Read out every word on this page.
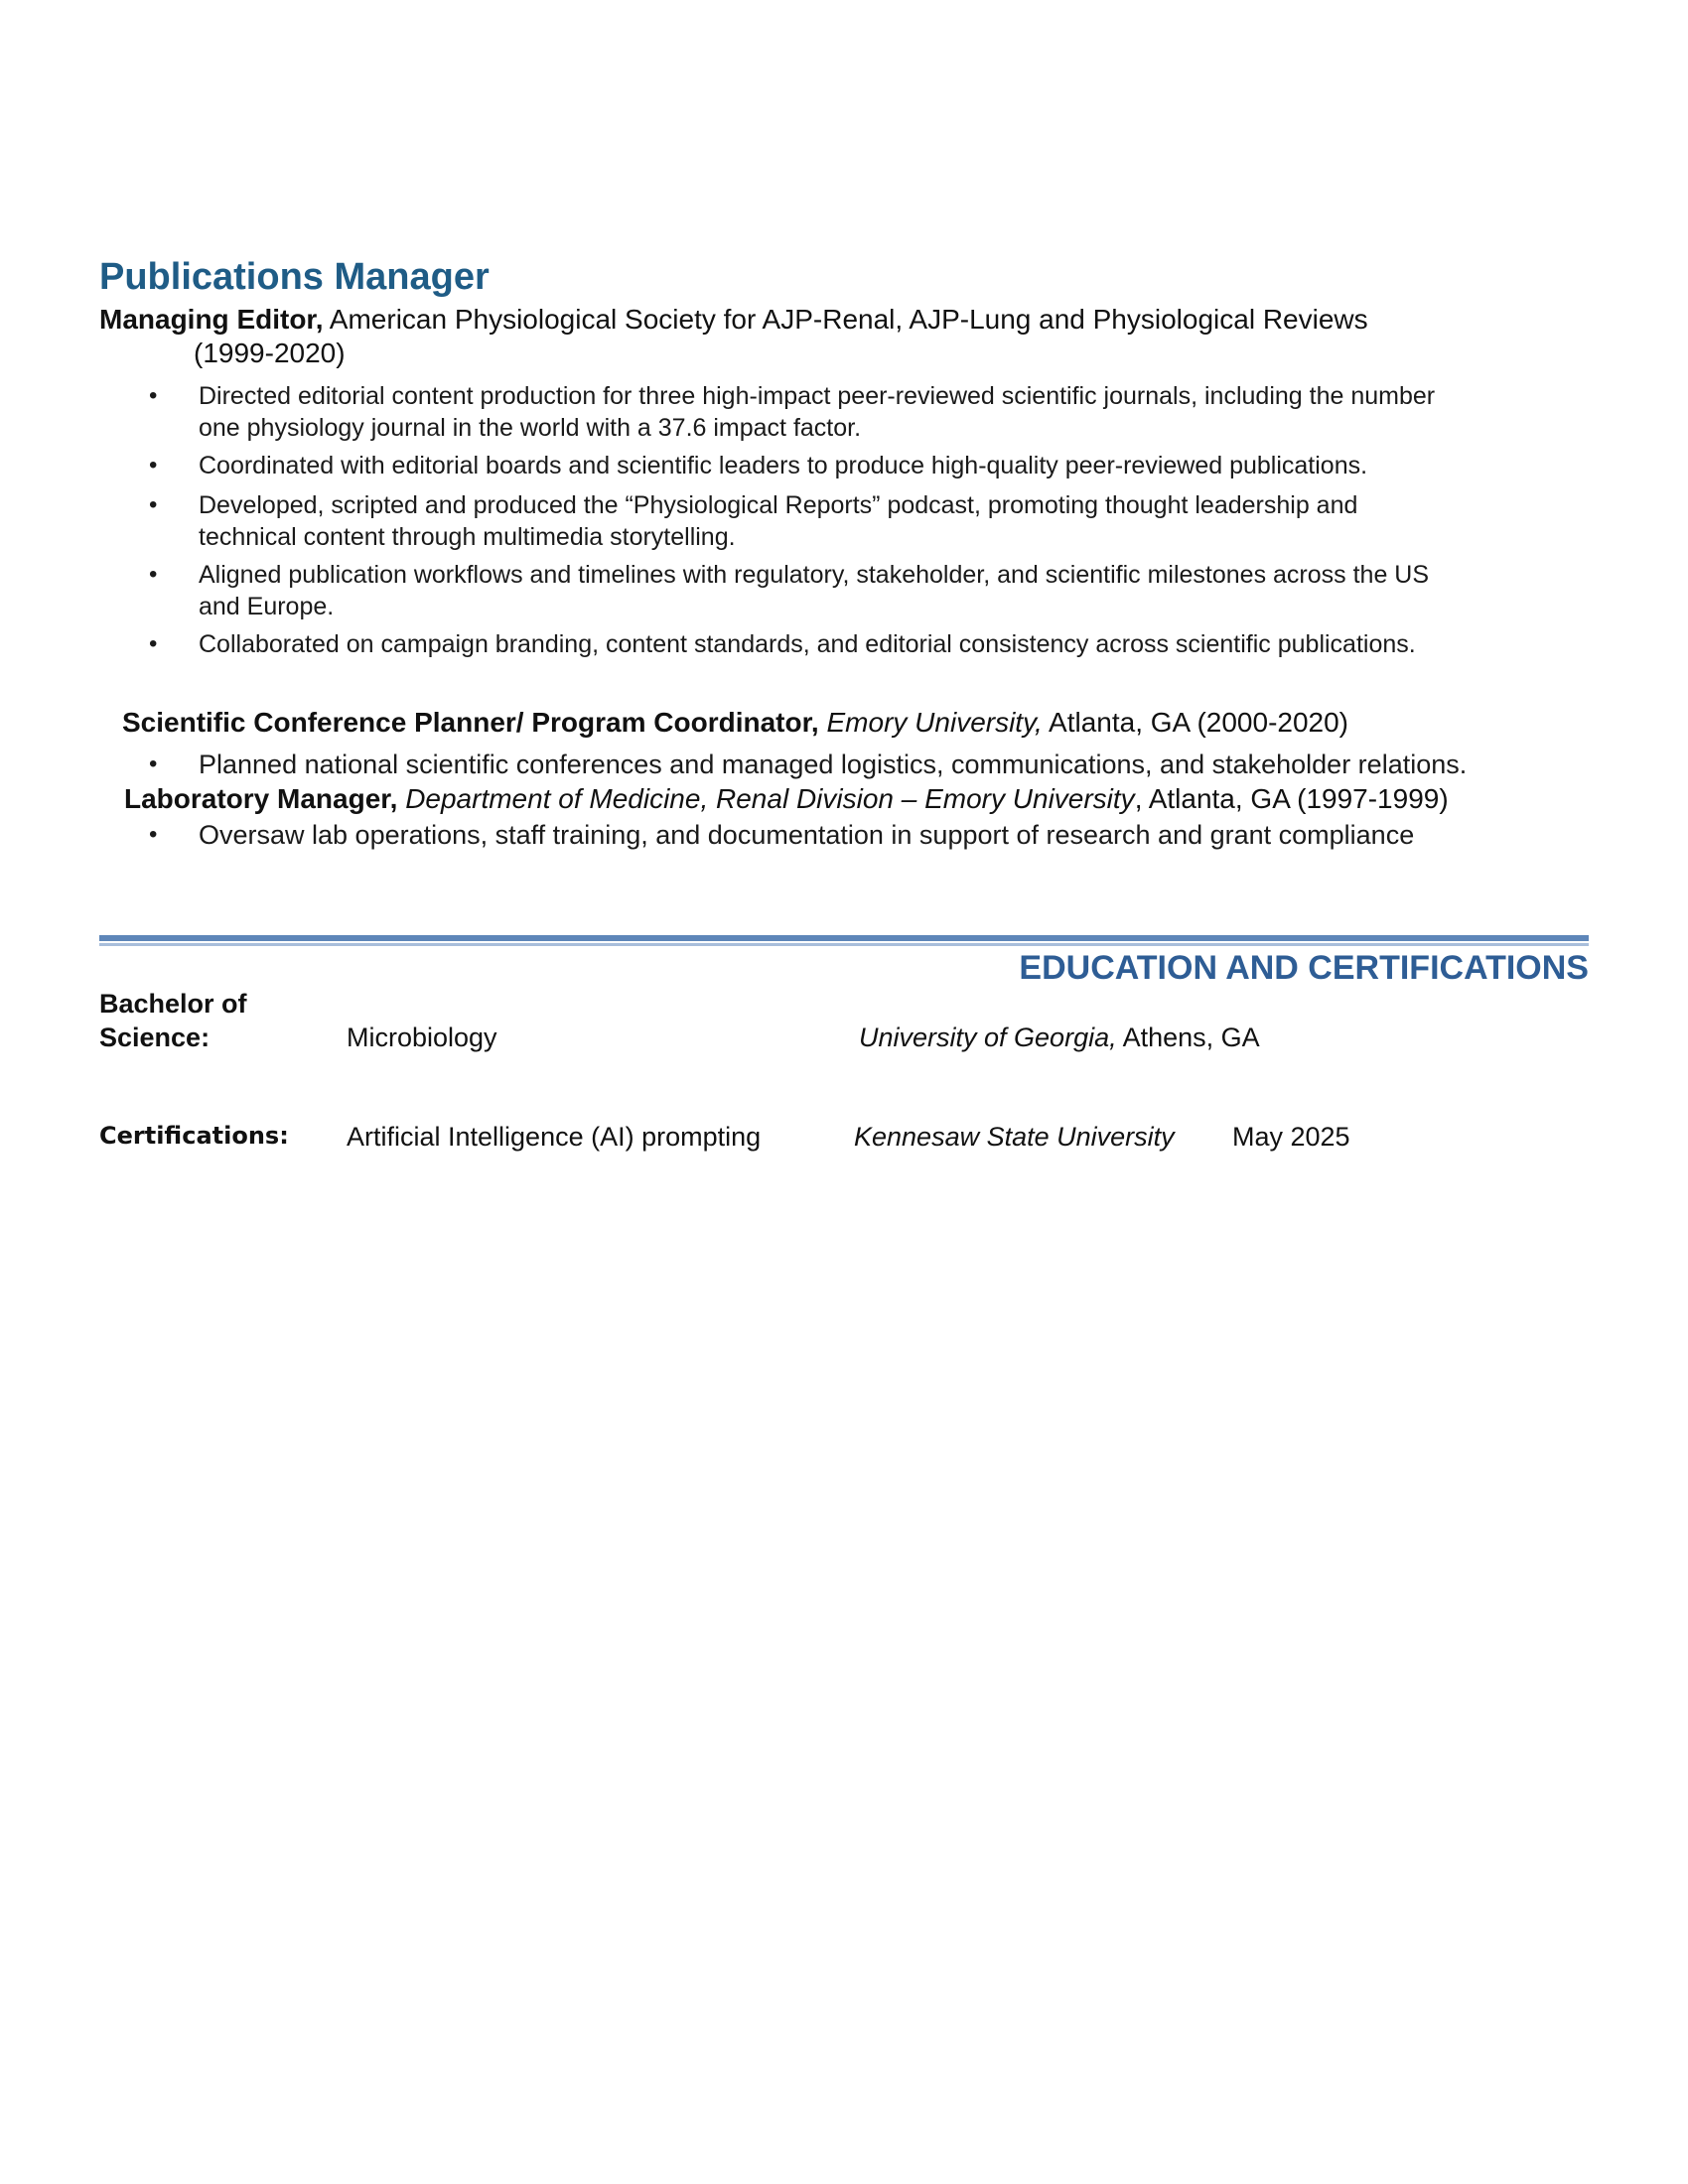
Publications Manager
Managing Editor, American Physiological Society for AJP-Renal, AJP-Lung and Physiological Reviews
(1999-2020)
• Directed editorial content production for three high-impact peer-reviewed scientific journals, including the number
one physiology journal in the world with a 37.6 impact factor.
• Coordinated with editorial boards and scientific leaders to produce high-quality peer-reviewed publications.
• Developed, scripted and produced the “Physiological Reports” podcast, promoting thought leadership and
technical content through multimedia storytelling.
• Aligned publication workflows and timelines with regulatory, stakeholder, and scientific milestones across the US
and Europe.
• Collaborated on campaign branding, content standards, and editorial consistency across scientific publications.
Scientific Conference Planner/ Program Coordinator, Emory University, Atlanta, GA (2000-2020)
• Planned national scientific conferences and managed logistics, communications, and stakeholder relations.
Laboratory Manager, Department of Medicine, Renal Division – Emory University, Atlanta, GA (1997-1999)
• Oversaw lab operations, staff training, and documentation in support of research and grant compliance
EDUCATION AND CERTIFICATIONS
Bachelor of
Science:	Microbiology	University of Georgia, Athens, GA
Certifications: Artificial Intelligence (AI) prompting	Kennesaw State University May 2025
